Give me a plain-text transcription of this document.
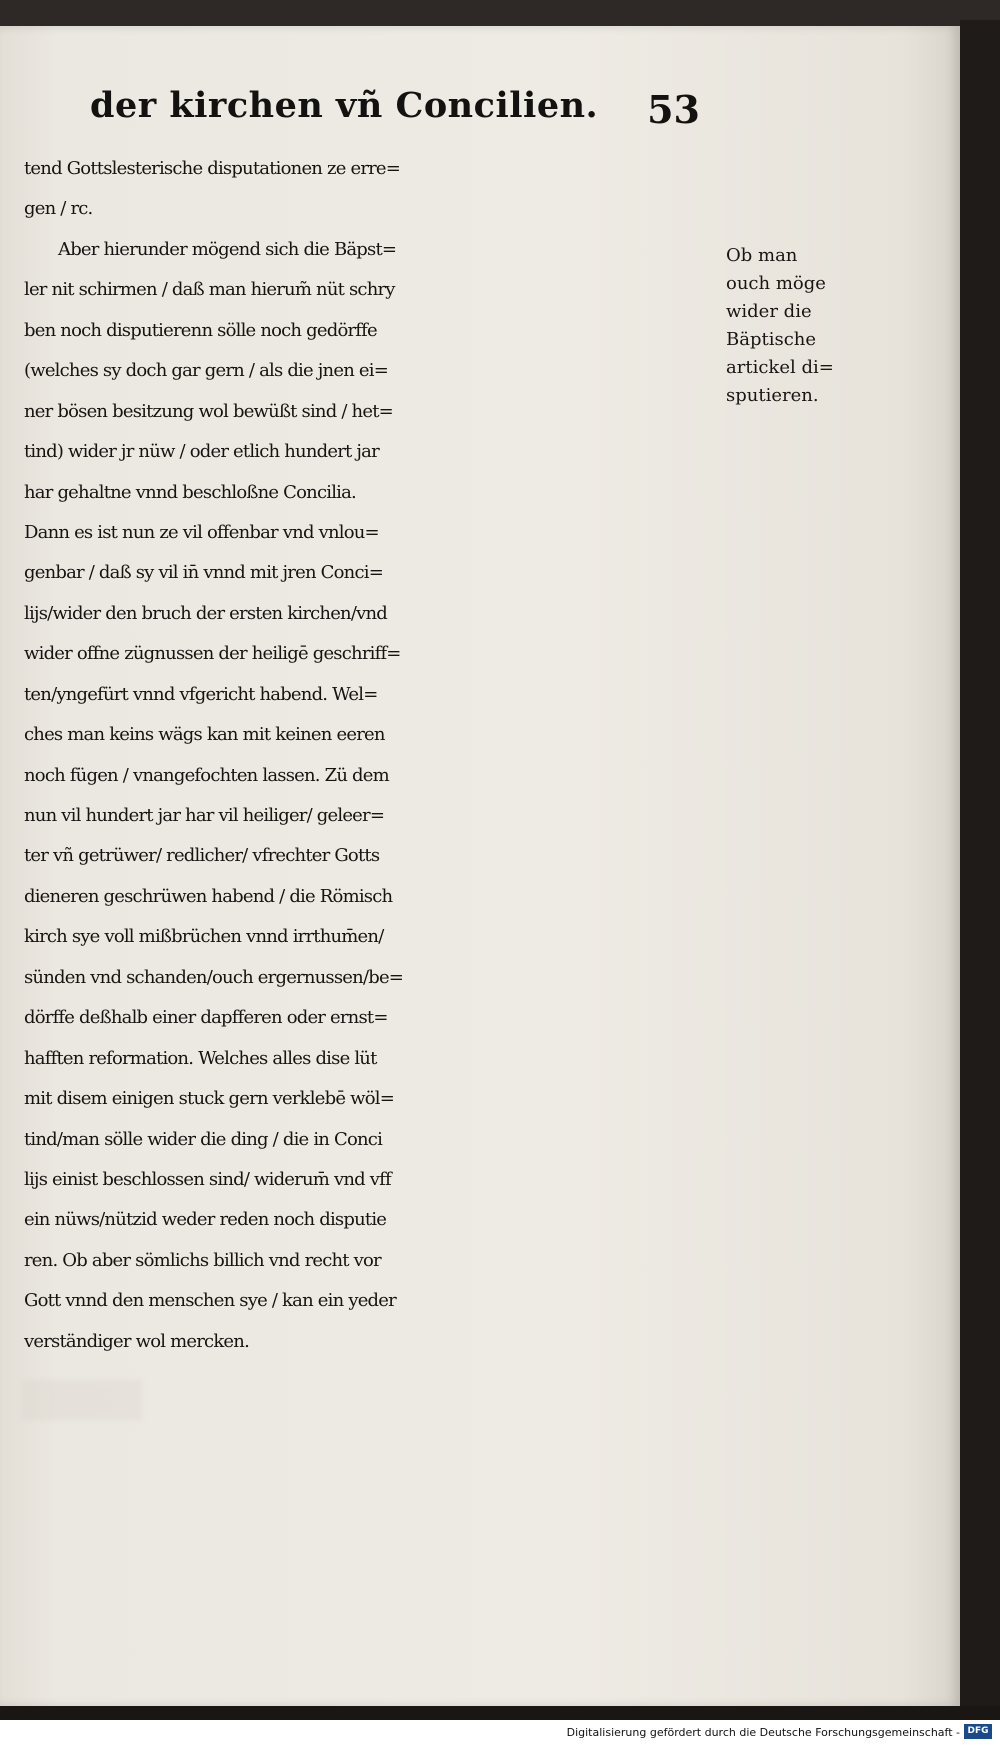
der kirchen vñ Concilien. 53
tend Gottslesterische disputationen ze erre=
gen / rc.
Aber hierunder mögend sich die Bäpst=
ler nit schirmen / daß man hierum̃ nüt schry
ben noch disputierenn sölle noch gedörffe
(welches sy doch gar gern / als die jnen ei=
ner bösen besitzung wol bewüßt sind / het=
tind) wider jr nüw / oder etlich hundert jar
har gehaltne vnnd beschloßne Concilia.
Dann es ist nun ze vil offenbar vnd vnlou=
genbar / daß sy vil in̄ vnnd mit jren Conci=
lijs/wider den bruch der ersten kirchen/vnd
wider offne zügnussen der heiligē geschriff=
ten/yngefürt vnnd vfgericht habend. Wel=
ches man keins wägs kan mit keinen eeren
noch fügen / vnangefochten lassen. Zü dem
nun vil hundert jar har vil heiliger/ geleer=
ter vñ getrüwer/ redlicher/ vfrechter Gotts
dieneren geschrüwen habend / die Römisch
kirch sye voll mißbrüchen vnnd irrthum̄en/
sünden vnd schanden/ouch ergernussen/be=
dörffe deßhalb einer dapfferen oder ernst=
hafften reformation. Welches alles dise lüt
mit disem einigen stuck gern verklebē wöl=
tind/man sölle wider die ding / die in Conci
lijs einist beschlossen sind/ widerum̄ vnd vff
ein nüws/nützid weder reden noch disputie
ren. Ob aber sömlichs billich vnd recht vor
Gott vnnd den menschen sye / kan ein yeder
verständiger wol mercken.
Ob man
ouch möge
wider die
Bäptische
artickel di=
sputieren.
Digitalisierung gefördert durch die Deutsche Forschungsgemeinschaft - DFG
